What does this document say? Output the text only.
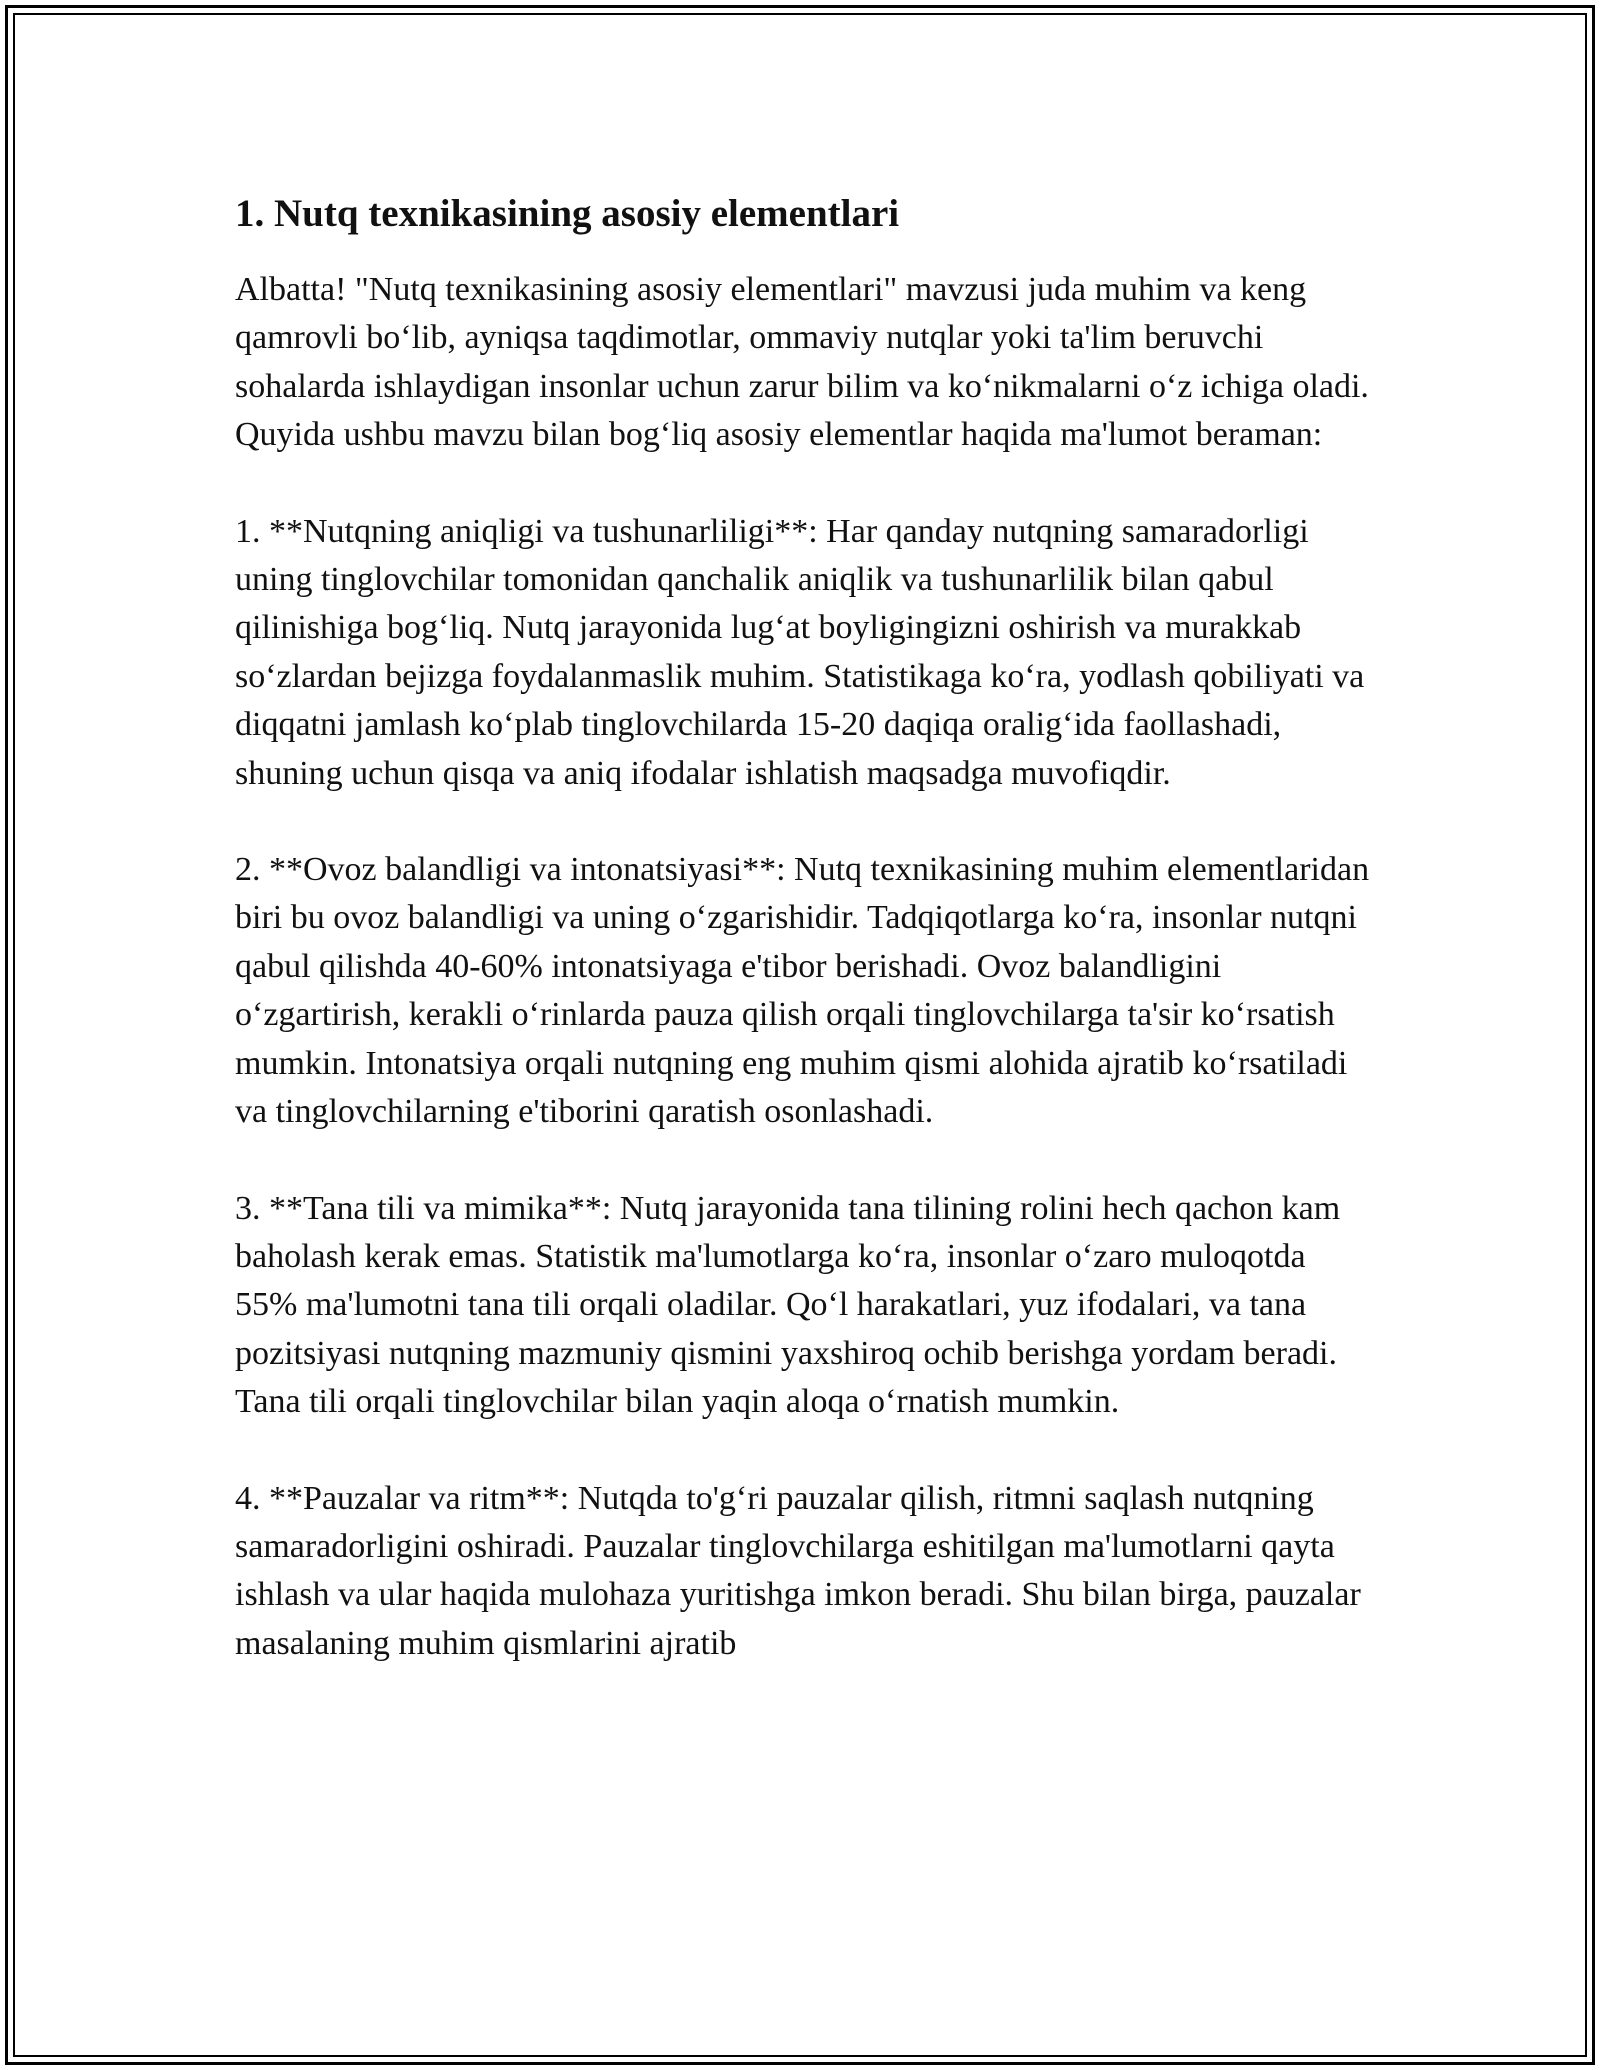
1. Nutq texnikasining asosiy elementlari

Albatta! "Nutq texnikasining asosiy elementlari" mavzusi juda muhim va keng qamrovli bo‘lib, ayniqsa taqdimotlar, ommaviy nutqlar yoki ta'lim beruvchi sohalarda ishlaydigan insonlar uchun zarur bilim va ko‘nikmalarni o‘z ichiga oladi. Quyida ushbu mavzu bilan bog‘liq asosiy elementlar haqida ma'lumot beraman:

1. **Nutqning aniqligi va tushunarliligi**: Har qanday nutqning samaradorligi uning tinglovchilar tomonidan qanchalik aniqlik va tushunarlilik bilan qabul qilinishiga bog‘liq. Nutq jarayonida lug‘at boyligingizni oshirish va murakkab so‘zlardan bejizga foydalanmaslik muhim. Statistikaga ko‘ra, yodlash qobiliyati va diqqatni jamlash ko‘plab tinglovchilarda 15-20 daqiqa oralig‘ida faollashadi, shuning uchun qisqa va aniq ifodalar ishlatish maqsadga muvofiqdir.

2. **Ovoz balandligi va intonatsiyasi**: Nutq texnikasining muhim elementlaridan biri bu ovoz balandligi va uning o‘zgarishidir. Tadqiqotlarga ko‘ra, insonlar nutqni qabul qilishda 40-60% intonatsiyaga e'tibor berishadi. Ovoz balandligini o‘zgartirish, kerakli o‘rinlarda pauza qilish orqali tinglovchilarga ta'sir ko‘rsatish mumkin. Intonatsiya orqali nutqning eng muhim qismi alohida ajratib ko‘rsatiladi va tinglovchilarning e'tiborini qaratish osonlashadi.

3. **Tana tili va mimika**: Nutq jarayonida tana tilining rolini hech qachon kam baholash kerak emas. Statistik ma'lumotlarga ko‘ra, insonlar o‘zaro muloqotda 55% ma'lumotni tana tili orqali oladilar. Qo‘l harakatlari, yuz ifodalari, va tana pozitsiyasi nutqning mazmuniy qismini yaxshiroq ochib berishga yordam beradi. Tana tili orqali tinglovchilar bilan yaqin aloqa o‘rnatish mumkin.

4. **Pauzalar va ritm**: Nutqda to'g‘ri pauzalar qilish, ritmni saqlash nutqning samaradorligini oshiradi. Pauzalar tinglovchilarga eshitilgan ma'lumotlarni qayta ishlash va ular haqida mulohaza yuritishga imkon beradi. Shu bilan birga, pauzalar masalaning muhim qismlarini ajratib
